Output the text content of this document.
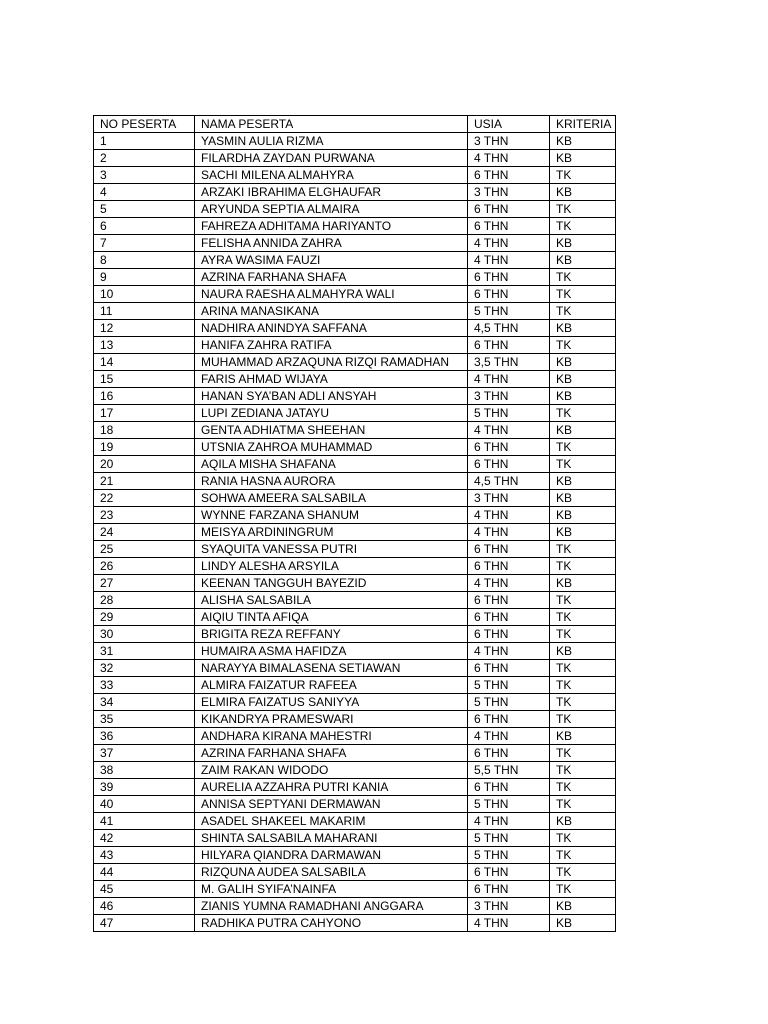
NO PESERTA	NAMA PESERTA	USIA	KRITERIA
1	YASMIN AULIA RIZMA	3 THN	KB
2	FILARDHA ZAYDAN PURWANA	4 THN	KB
3	SACHI MILENA ALMAHYRA	6 THN	TK
4	ARZAKI IBRAHIMA ELGHAUFAR	3 THN	KB
5	ARYUNDA SEPTIA ALMAIRA	6 THN	TK
6	FAHREZA ADHITAMA HARIYANTO	6 THN	TK
7	FELISHA ANNIDA ZAHRA	4 THN	KB
8	AYRA WASIMA FAUZI	4 THN	KB
9	AZRINA FARHANA SHAFA	6 THN	TK
10	NAURA RAESHA ALMAHYRA WALI	6 THN	TK
11	ARINA MANASIKANA	5 THN	TK
12	NADHIRA ANINDYA SAFFANA	4,5 THN	KB
13	HANIFA ZAHRA RATIFA	6 THN	TK
14	MUHAMMAD ARZAQUNA RIZQI RAMADHAN	3,5 THN	KB
15	FARIS AHMAD WIJAYA	4 THN	KB
16	HANAN SYA’BAN ADLI ANSYAH	3 THN	KB
17	LUPI ZEDIANA JATAYU	5 THN	TK
18	GENTA ADHIATMA SHEEHAN	4 THN	KB
19	UTSNIA ZAHROA MUHAMMAD	6 THN	TK
20	AQILA MISHA SHAFANA	6 THN	TK
21	RANIA HASNA AURORA	4,5 THN	KB
22	SOHWA AMEERA SALSABILA	3 THN	KB
23	WYNNE FARZANA SHANUM	4 THN	KB
24	MEISYA ARDININGRUM	4 THN	KB
25	SYAQUITA VANESSA PUTRI	6 THN	TK
26	LINDY ALESHA ARSYILA	6 THN	TK
27	KEENAN TANGGUH BAYEZID	4 THN	KB
28	ALISHA SALSABILA	6 THN	TK
29	AIQIU TINTA AFIQA	6 THN	TK
30	BRIGITA REZA REFFANY	6 THN	TK
31	HUMAIRA ASMA HAFIDZA	4 THN	KB
32	NARAYYA BIMALASENA SETIAWAN	6 THN	TK
33	ALMIRA FAIZATUR RAFEEA	5 THN	TK
34	ELMIRA FAIZATUS SANIYYA	5 THN	TK
35	KIKANDRYA PRAMESWARI	6 THN	TK
36	ANDHARA KIRANA MAHESTRI	4 THN	KB
37	AZRINA FARHANA SHAFA	6 THN	TK
38	ZAIM RAKAN WIDODO	5,5 THN	TK
39	AURELIA AZZAHRA PUTRI KANIA	6 THN	TK
40	ANNISA SEPTYANI DERMAWAN	5 THN	TK
41	ASADEL SHAKEEL MAKARIM	4 THN	KB
42	SHINTA SALSABILA MAHARANI	5 THN	TK
43	HILYARA QIANDRA DARMAWAN	5 THN	TK
44	RIZQUNA AUDEA SALSABILA	6 THN	TK
45	M. GALIH SYIFA’NAINFA	6 THN	TK
46	ZIANIS YUMNA RAMADHANI ANGGARA	3 THN	KB
47	RADHIKA PUTRA CAHYONO	4 THN	KB
